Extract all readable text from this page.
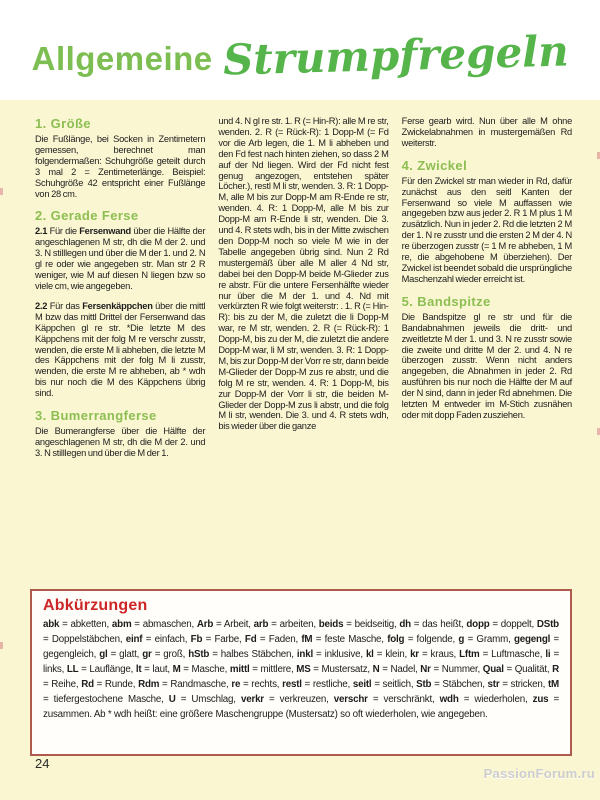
Allgemeine Strumpfregeln
1. Größe

Die Fußlänge, bei Socken in Zentimetern gemessen, berechnet man folgendermaßen: Schuhgröße geteilt durch 3 mal 2 = Zentimeterlänge. Beispiel: Schuhgröße 42 entspricht einer Fußlänge von 28 cm.

2. Gerade Ferse

2.1 Für die Fersenwand über die Hälfte der angeschlagenen M str, dh die M der 2. und 3. N stilllegen und über die M der 1. und 2. N gl re oder wie angegeben str. Man str 2 R weniger, wie M auf diesen N liegen bzw so viele cm, wie angegeben.

2.2 Für das Fersenkäppchen über die mittl M bzw das mittl Drittel der Fersenwand das Käppchen gl re str. *Die letzte M des Käppchens mit der folg M re verschr zusstr, wenden, die erste M li abheben, die letzte M des Käppchens mit der folg M li zusstr, wenden, die erste M re abheben, ab * wdh bis nur noch die M des Käppchens übrig sind.

3. Bumerrangferse

Die Bumerangferse über die Hälfte der angeschlagenen M str, dh die M der 2. und 3. N stilllegen und über die M der 1.

und 4. N gl re str. 1. R (= Hin-R): alle M re str, wenden. 2. R (= Rück-R): 1 Dopp-M (= Fd vor die Arb legen, die 1. M li abheben und den Fd fest nach hinten ziehen, so dass 2 M auf der Nd liegen. Wird der Fd nicht fest genug angezogen, entstehen später Löcher.), restl M li str, wenden. 3. R: 1 Dopp-M, alle M bis zur Dopp-M am R-Ende re str, wenden. 4. R: 1 Dopp-M, alle M bis zur Dopp-M am R-Ende li str, wenden. Die 3. und 4. R stets wdh, bis in der Mitte zwischen den Dopp-M noch so viele M wie in der Tabelle angegeben übrig sind. Nun 2 Rd mustergemäß über alle M aller 4 Nd str, dabei bei den Dopp-M beide M-Glieder zus re abstr. Für die untere Fersenhälfte wieder nur über die M der 1. und 4. Nd mit verkürzten R wie folgt weiterstr: . 1. R (= Hin-R): bis zu der M, die zuletzt die li Dopp-M war, re M str, wenden. 2. R (= Rück-R): 1 Dopp-M, bis zu der M, die zuletzt die andere Dopp-M war, li M str, wenden. 3. R: 1 Dopp-M, bis zur Dopp-M der Vorr re str, dann beide M-Glieder der Dopp-M zus re abstr, und die folg M re str, wenden. 4. R: 1 Dopp-M, bis zur Dopp-M der Vorr li str, die beiden M-Glieder der Dopp-M zus li abstr, und die folg M li str, wenden. Die 3. und 4. R stets wdh, bis wieder über die ganze

Ferse gearb wird. Nun über alle M ohne Zwickelabnahmen in mustergemäßen Rd weiterstr.

4. Zwickel

Für den Zwickel str man wieder in Rd, dafür zunächst aus den seitl Kanten der Fersenwand so viele M auffassen wie angegeben bzw aus jeder 2. R 1 M plus 1 M zusätzlich. Nun in jeder 2. Rd die letzten 2 M der 1. N re zusstr und die ersten 2 M der 4. N re überzogen zusstr (= 1 M re abheben, 1 M re, die abgehobene M überziehen). Der Zwickel ist beendet sobald die ursprüngliche Maschenzahl wieder erreicht ist.

5. Bandspitze

Die Bandspitze gl re str und für die Bandabnahmen jeweils die dritt- und zweitletzte M der 1. und 3. N re zusstr sowie die zweite und dritte M der 2. und 4. N re überzogen zusstr. Wenn nicht anders angegeben, die Abnahmen in jeder 2. Rd ausführen bis nur noch die Hälfte der M auf der N sind, dann in jeder Rd abnehmen. Die letzten M entweder im M-Stich zusnähen oder mit dopp Faden zusziehen.

Abkürzungen

abk = abketten, abm = abmaschen, Arb = Arbeit, arb = arbeiten, beids = beidseitig, dh = das heißt, dopp = doppelt, DStb = Doppelstäbchen, einf = einfach, Fb = Farbe, Fd = Faden, fM = feste Masche, folg = folgende, g = Gramm, gegengl = gegengleich, gl = glatt, gr = groß, hStb = halbes Stäbchen, inkl = inklusive, kl = klein, kr = kraus, Lftm = Luftmasche, li = links, LL = Lauflänge, lt = laut, M = Masche, mittl = mittlere, MS = Mustersatz, N = Nadel, Nr = Nummer, Qual = Qualität, R = Reihe, Rd = Runde, Rdm = Randmasche, re = rechts, restl = restliche, seitl = seitlich, Stb = Stäbchen, str = stricken, tM = tiefergestochene Masche, U = Umschlag, verkr = verkreuzen, verschr = verschränkt, wdh = wiederholen, zus = zusammen. Ab * wdh heißt: eine größere Maschengruppe (Mustersatz) so oft wiederholen, wie angegeben.

24
PassionForum.ru
